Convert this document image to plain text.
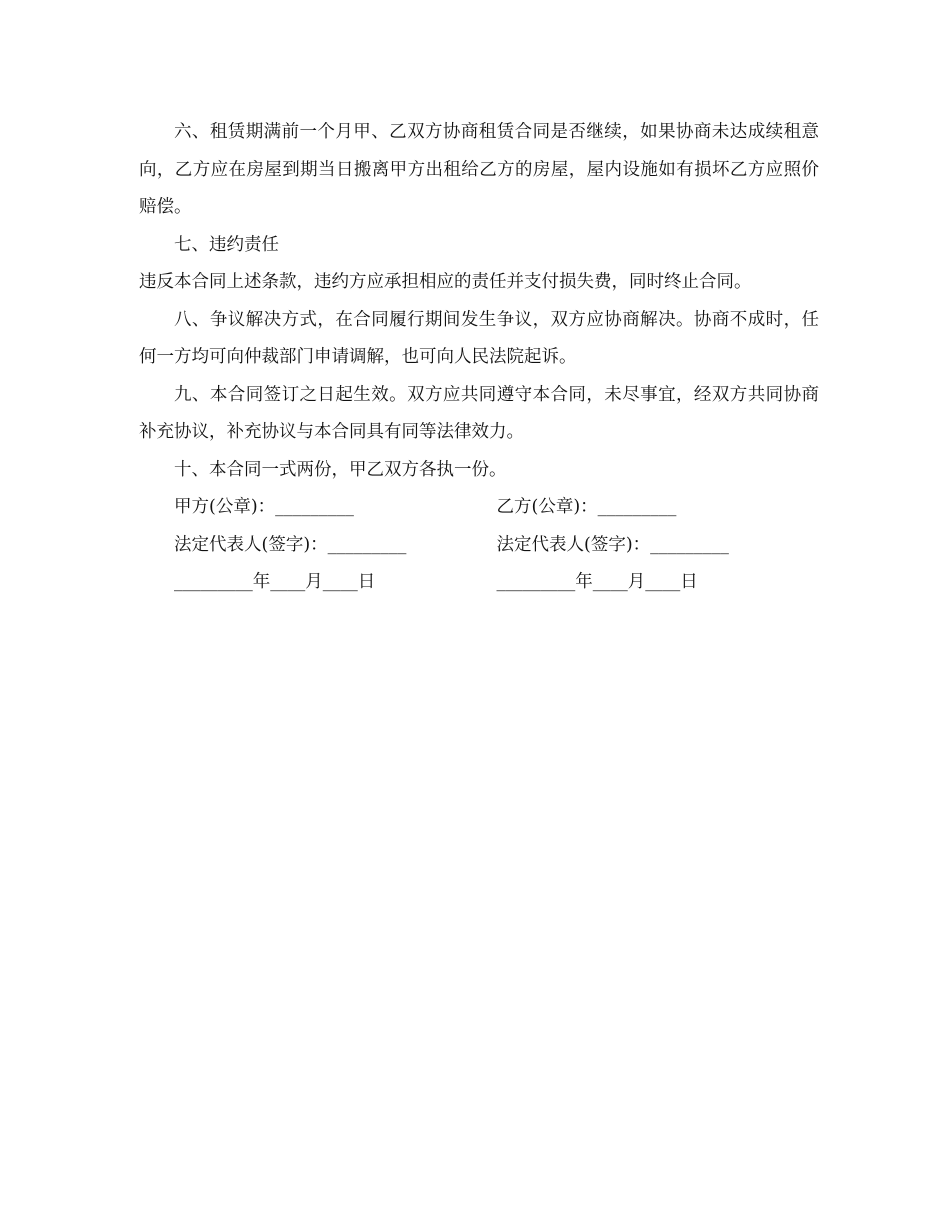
六、租赁期满前一个月甲、乙双方协商租赁合同是否继续，如果协商未达成续租意向，乙方应在房屋到期当日搬离甲方出租给乙方的房屋，屋内设施如有损坏乙方应照价赔偿。

七、违约责任

违反本合同上述条款，违约方应承担相应的责任并支付损失费，同时终止合同。

八、争议解决方式，在合同履行期间发生争议，双方应协商解决。协商不成时，任何一方均可向仲裁部门申请调解，也可向人民法院起诉。

九、本合同签订之日起生效。双方应共同遵守本合同，未尽事宜，经双方共同协商补充协议，补充协议与本合同具有同等法律效力。

十、本合同一式两份，甲乙双方各执一份。

甲方(公章)：_________	乙方(公章)：_________
法定代表人(签字)：_________	法定代表人(签字)：_________
_________年____月____日	_________年____月____日
